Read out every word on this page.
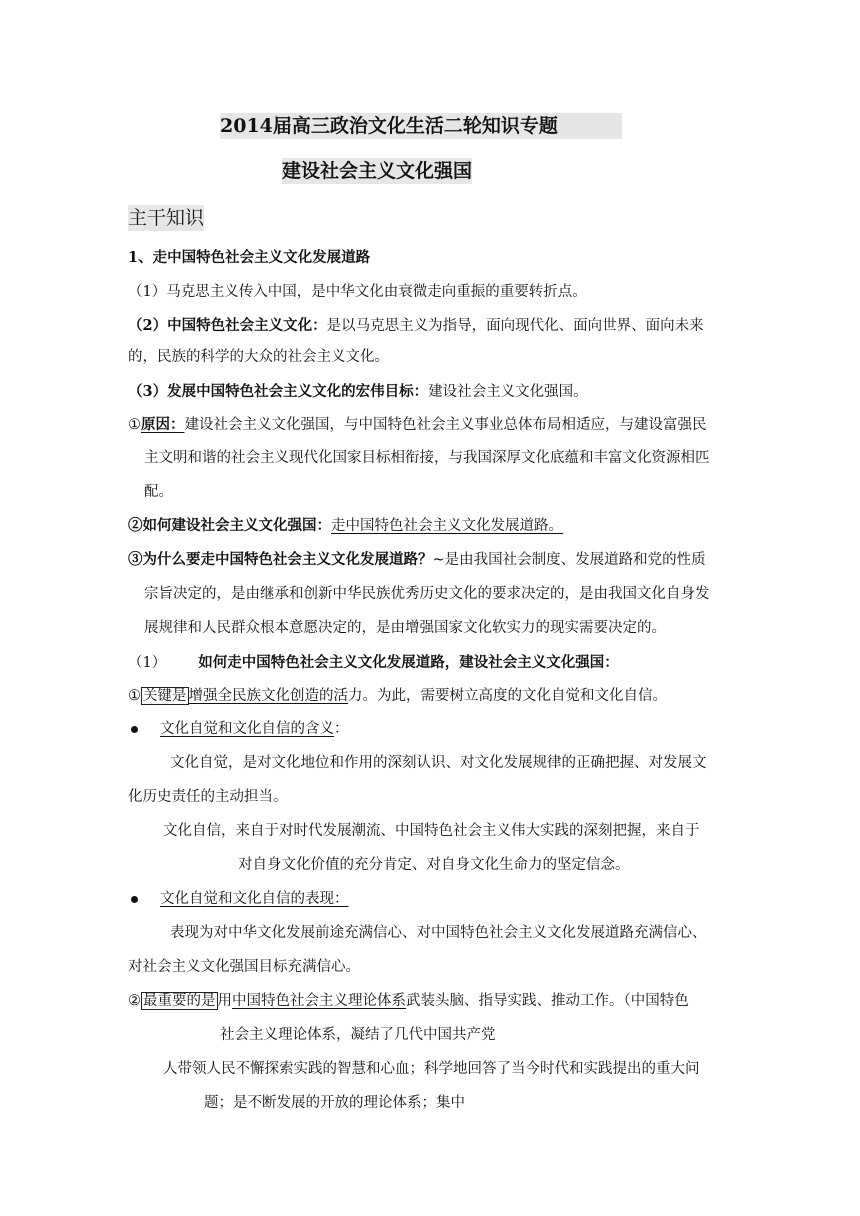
2014届高三政治文化生活二轮知识专题
建设社会主义文化强国
主干知识
1、走中国特色社会主义文化发展道路
（1）马克思主义传入中国，是中华文化由衰微走向重振的重要转折点。
（2）中国特色社会主义文化：是以马克思主义为指导，面向现代化、面向世界、面向未来
的，民族的科学的大众的社会主义文化。
（3）发展中国特色社会主义文化的宏伟目标：建设社会主义文化强国。
①原因：建设社会主义文化强国，与中国特色社会主义事业总体布局相适应，与建设富强民
主文明和谐的社会主义现代化国家目标相衔接，与我国深厚文化底蕴和丰富文化资源相匹
配。
②如何建设社会主义文化强国：走中国特色社会主义文化发展道路。
③为什么要走中国特色社会主义文化发展道路？~是由我国社会制度、发展道路和党的性质
宗旨决定的，是由继承和创新中华民族优秀历史文化的要求决定的，是由我国文化自身发
展规律和人民群众根本意愿决定的，是由增强国家文化软实力的现实需要决定的。
（1） 如何走中国特色社会主义文化发展道路，建设社会主义文化强国：
① 关键是 增强全民族文化创造的活力。为此，需要树立高度的文化自觉和文化自信。
文化自觉和文化自信的含义：
文化自觉，是对文化地位和作用的深刻认识、对文化发展规律的正确把握、对发展文
化历史责任的主动担当。
文化自信，来自于对时代发展潮流、中国特色社会主义伟大实践的深刻把握，来自于
对自身文化价值的充分肯定、对自身文化生命力的坚定信念。
文化自觉和文化自信的表现：
表现为对中华文化发展前途充满信心、对中国特色社会主义文化发展道路充满信心、
对社会主义文化强国目标充满信心。
② 最重要的是 用中国特色社会主义理论体系武装头脑、指导实践、推动工作。（中国特色
社会主义理论体系，凝结了几代中国共产党
人带领人民不懈探索实践的智慧和心血；科学地回答了当今时代和实践提出的重大问
题；是不断发展的开放的理论体系；集中
